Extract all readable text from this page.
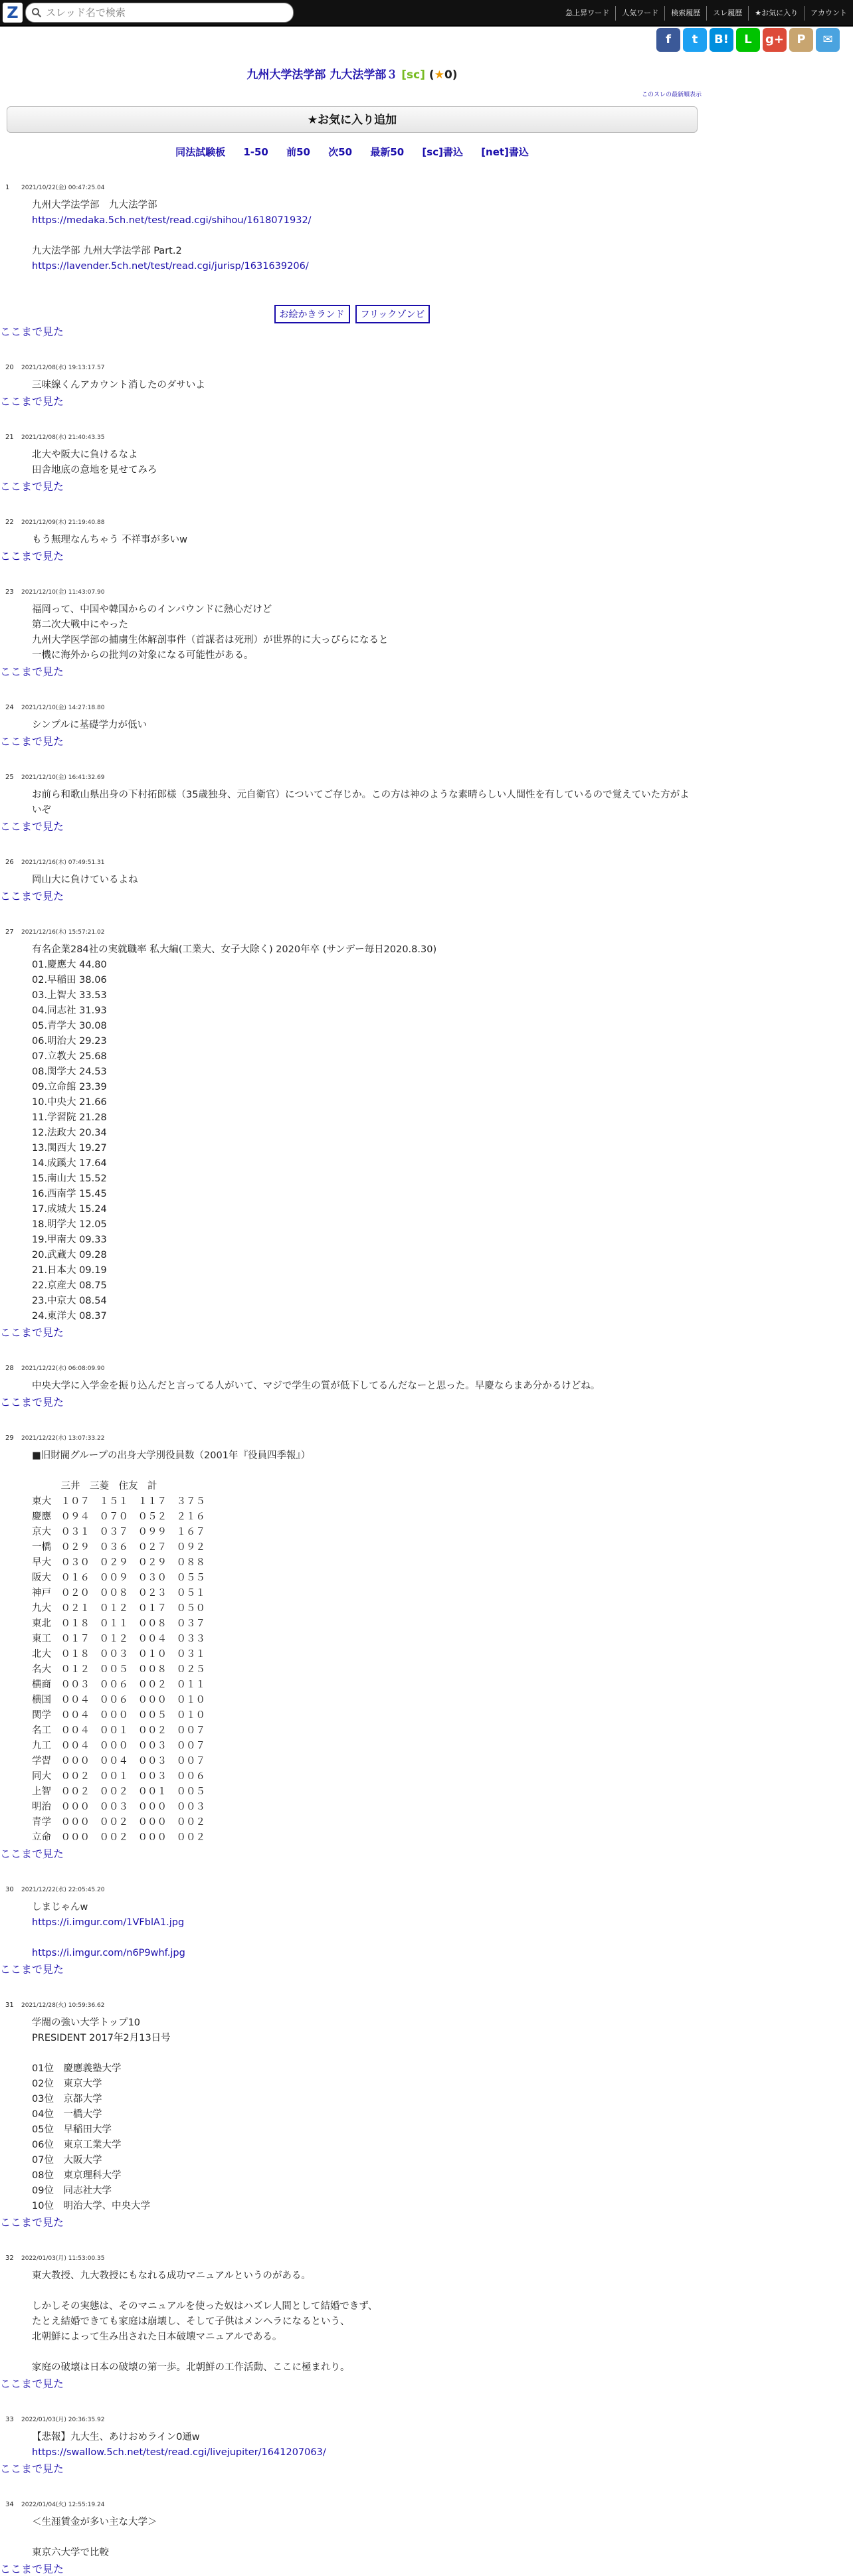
Z
スレッド名で検索	急上昇ワード	人気ワード	検索履歴	スレ履歴	★お気に入り	アカウント
f	t	B!	L	g+	P	✉
九州大学法学部 九大法学部３ [sc] (★0)
このスレの最新順表示
★お気に入り追加
同法試験板 1-50 前50 次50 最新50 [sc]書込 [net]書込
1 2021/10/22(金) 00:47:25.04
九州大学法学部　九大法学部
https://medaka.5ch.net/test/read.cgi/shihou/1618071932/

九大法学部 九州大学法学部 Part.2
https://lavender.5ch.net/test/read.cgi/jurisp/1631639206/
お絵かきランド フリックゾンビ
ここまで見た
20 2021/12/08(水) 19:13:17.57
三味線くんアカウント消したのダサいよ
ここまで見た
21 2021/12/08(水) 21:40:43.35
北大や阪大に負けるなよ
田舎地底の意地を見せてみろ
ここまで見た
22 2021/12/09(木) 21:19:40.88
もう無理なんちゃう 不祥事が多いw
ここまで見た
23 2021/12/10(金) 11:43:07.90
福岡って、中国や韓国からのインバウンドに熱心だけど
第二次大戦中にやった
九州大学医学部の捕虜生体解剖事件（首謀者は死刑）が世界的に大っぴらになると
一機に海外からの批判の対象になる可能性がある。
ここまで見た
24 2021/12/10(金) 14:27:18.80
シンプルに基礎学力が低い
ここまで見た
25 2021/12/10(金) 16:41:32.69
お前ら和歌山県出身の下村拓郎様（35歳独身、元自衛官）についてご存じか。この方は神のような素晴らしい人間性を有しているので覚えていた方がよいぞ
ここまで見た
26 2021/12/16(木) 07:49:51.31
岡山大に負けているよね
ここまで見た
27 2021/12/16(木) 15:57:21.02
有名企業284社の実就職率 私大編(工業大、女子大除く) 2020年卒 (サンデー毎日2020.8.30)
01.慶應大 44.80
02.早稲田 38.06
03.上智大 33.53
04.同志社 31.93
05.青学大 30.08
06.明治大 29.23
07.立教大 25.68
08.関学大 24.53
09.立命館 23.39
10.中央大 21.66
11.学習院 21.28
12.法政大 20.34
13.関西大 19.27
14.成蹊大 17.64
15.南山大 15.52
16.西南学 15.45
17.成城大 15.24
18.明学大 12.05
19.甲南大 09.33
20.武蔵大 09.28
21.日本大 09.19
22.京産大 08.75
23.中京大 08.54
24.東洋大 08.37
ここまで見た
28 2021/12/22(水) 06:08:09.90
中央大学に入学金を振り込んだと言ってる人がいて、マジで学生の質が低下してるんだなーと思った。早慶ならまあ分かるけどね。
ここまで見た
29 2021/12/22(水) 13:07:33.22
■旧財閥グループの出身大学別役員数（2001年『役員四季報』）

　　　三井　三菱　住友　計
東大　１０７　１５１　１１７　３７５
慶應　０９４　０７０　０５２　２１６
京大　０３１　０３７　０９９　１６７
一橋　０２９　０３６　０２７　０９２
早大　０３０　０２９　０２９　０８８
阪大　０１６　００９　０３０　０５５
神戸　０２０　００８　０２３　０５１
九大　０２１　０１２　０１７　０５０
東北　０１８　０１１　００８　０３７
東工　０１７　０１２　００４　０３３
北大　０１８　００３　０１０　０３１
名大　０１２　００５　００８　０２５
横商　００３　００６　００２　０１１
横国　００４　００６　０００　０１０
関学　００４　０００　００５　０１０
名工　００４　００１　００２　００７
九工　００４　０００　００３　００７
学習　０００　００４　００３　００７
同大　００２　００１　００３　００６
上智　００２　００２　００１　００５
明治　０００　００３　０００　００３
青学　０００　００２　０００　００２
立命　０００　００２　０００　００２
ここまで見た
30 2021/12/22(水) 22:05:45.20
しまじゃんw
https://i.imgur.com/1VFblA1.jpg

https://i.imgur.com/n6P9whf.jpg
ここまで見た
31 2021/12/28(火) 10:59:36.62
学閥の強い大学トップ10
PRESIDENT 2017年2月13日号

01位　慶應義塾大学
02位　東京大学
03位　京都大学
04位　一橋大学
05位　早稲田大学
06位　東京工業大学
07位　大阪大学
08位　東京理科大学
09位　同志社大学
10位　明治大学、中央大学
ここまで見た
32 2022/01/03(月) 11:53:00.35
東大教授、九大教授にもなれる成功マニュアルというのがある。

しかしその実態は、そのマニュアルを使った奴はハズレ人間として結婚できず、
たとえ結婚できても家庭は崩壊し、そして子供はメンヘラになるという、
北朝鮮によって生み出された日本破壊マニュアルである。

家庭の破壊は日本の破壊の第一歩。北朝鮮の工作活動、ここに極まれり。
ここまで見た
33 2022/01/03(月) 20:36:35.92
【悲報】九大生、あけおめライン0通w
https://swallow.5ch.net/test/read.cgi/livejupiter/1641207063/
ここまで見た
34 2022/01/04(火) 12:55:19.24
＜生涯賃金が多い主な大学＞

東京六大学で比較
ここまで見た
